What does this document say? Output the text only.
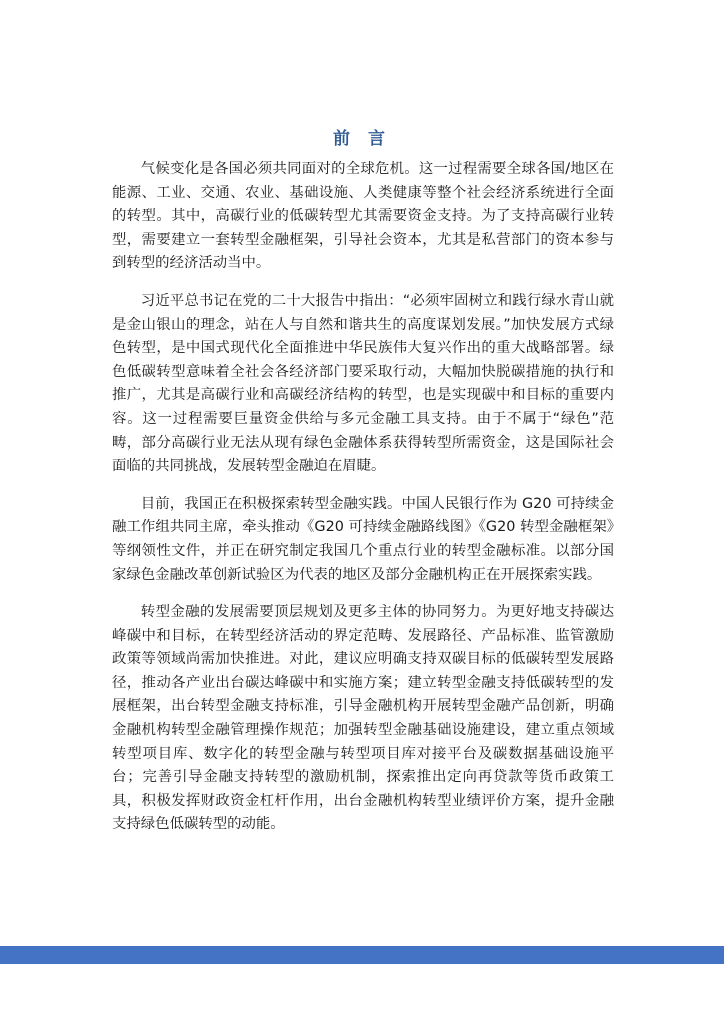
前 言

气候变化是各国必须共同面对的全球危机。这一过程需要全球各国/地区在能源、工业、交通、农业、基础设施、人类健康等整个社会经济系统进行全面的转型。其中，高碳行业的低碳转型尤其需要资金支持。为了支持高碳行业转型，需要建立一套转型金融框架，引导社会资本，尤其是私营部门的资本参与到转型的经济活动当中。

习近平总书记在党的二十大报告中指出：“必须牢固树立和践行绿水青山就是金山银山的理念，站在人与自然和谐共生的高度谋划发展。”加快发展方式绿色转型，是中国式现代化全面推进中华民族伟大复兴作出的重大战略部署。绿色低碳转型意味着全社会各经济部门要采取行动，大幅加快脱碳措施的执行和推广，尤其是高碳行业和高碳经济结构的转型，也是实现碳中和目标的重要内容。这一过程需要巨量资金供给与多元金融工具支持。由于不属于“绿色”范畴，部分高碳行业无法从现有绿色金融体系获得转型所需资金，这是国际社会面临的共同挑战，发展转型金融迫在眉睫。

目前，我国正在积极探索转型金融实践。中国人民银行作为 G20 可持续金融工作组共同主席，牵头推动《G20 可持续金融路线图》《G20 转型金融框架》等纲领性文件，并正在研究制定我国几个重点行业的转型金融标准。以部分国家绿色金融改革创新试验区为代表的地区及部分金融机构正在开展探索实践。

转型金融的发展需要顶层规划及更多主体的协同努力。为更好地支持碳达峰碳中和目标，在转型经济活动的界定范畴、发展路径、产品标准、监管激励政策等领域尚需加快推进。对此，建议应明确支持双碳目标的低碳转型发展路径，推动各产业出台碳达峰碳中和实施方案；建立转型金融支持低碳转型的发展框架，出台转型金融支持标准，引导金融机构开展转型金融产品创新，明确金融机构转型金融管理操作规范；加强转型金融基础设施建设，建立重点领域转型项目库、数字化的转型金融与转型项目库对接平台及碳数据基础设施平台；完善引导金融支持转型的激励机制，探索推出定向再贷款等货币政策工具，积极发挥财政资金杠杆作用，出台金融机构转型业绩评价方案，提升金融支持绿色低碳转型的动能。
